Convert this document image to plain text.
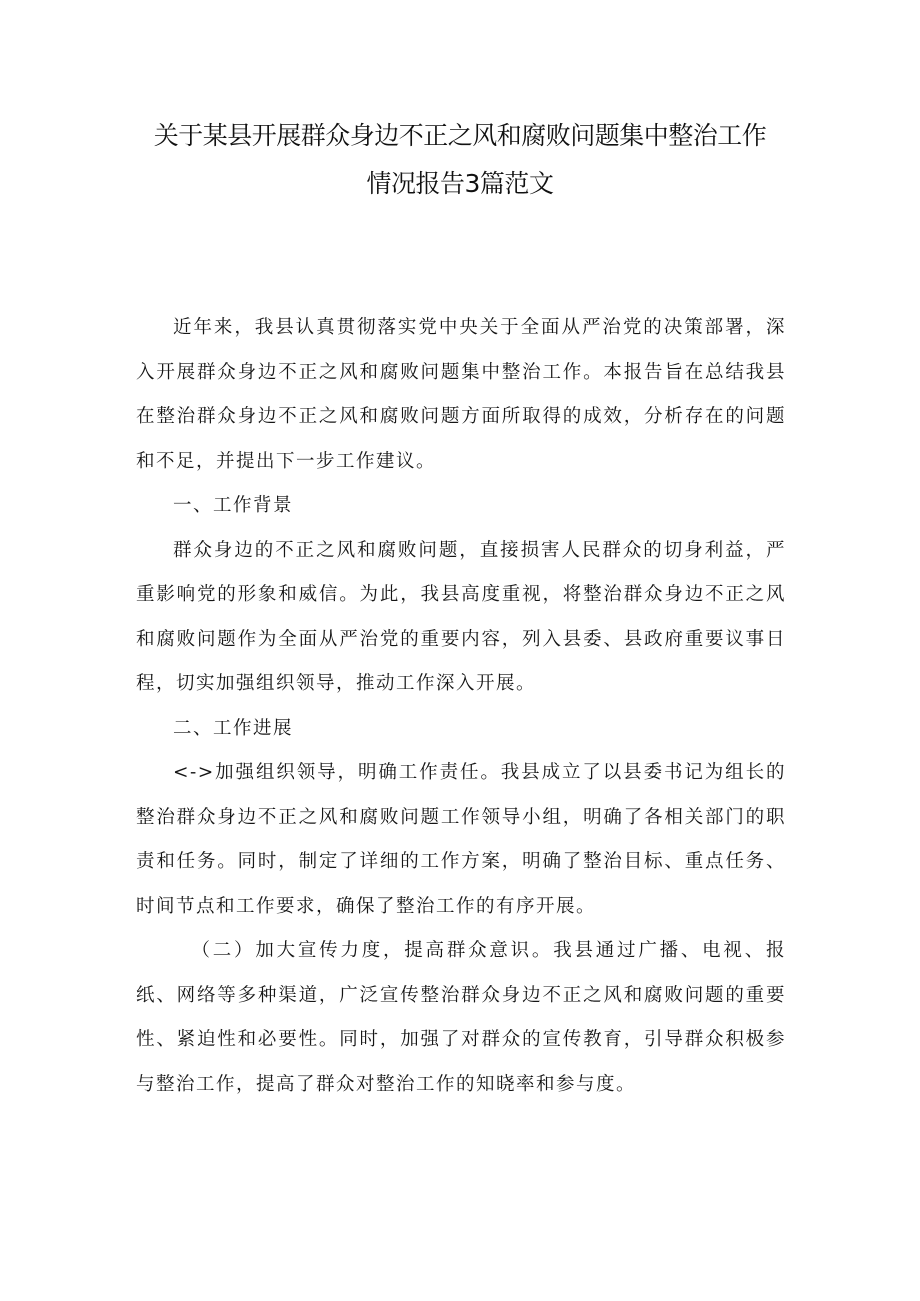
关于某县开展群众身边不正之风和腐败问题集中整治工作
情况报告3篇范文

近年来，我县认真贯彻落实党中央关于全面从严治党的决策部署，深入开展群众身边不正之风和腐败问题集中整治工作。本报告旨在总结我县在整治群众身边不正之风和腐败问题方面所取得的成效，分析存在的问题和不足，并提出下一步工作建议。

一、工作背景

群众身边的不正之风和腐败问题，直接损害人民群众的切身利益，严重影响党的形象和威信。为此，我县高度重视，将整治群众身边不正之风和腐败问题作为全面从严治党的重要内容，列入县委、县政府重要议事日程，切实加强组织领导，推动工作深入开展。

二、工作进展

<->加强组织领导，明确工作责任。我县成立了以县委书记为组长的整治群众身边不正之风和腐败问题工作领导小组，明确了各相关部门的职责和任务。同时，制定了详细的工作方案，明确了整治目标、重点任务、时间节点和工作要求，确保了整治工作的有序开展。

（二）加大宣传力度，提高群众意识。我县通过广播、电视、报纸、网络等多种渠道，广泛宣传整治群众身边不正之风和腐败问题的重要性、紧迫性和必要性。同时，加强了对群众的宣传教育，引导群众积极参与整治工作，提高了群众对整治工作的知晓率和参与度。
